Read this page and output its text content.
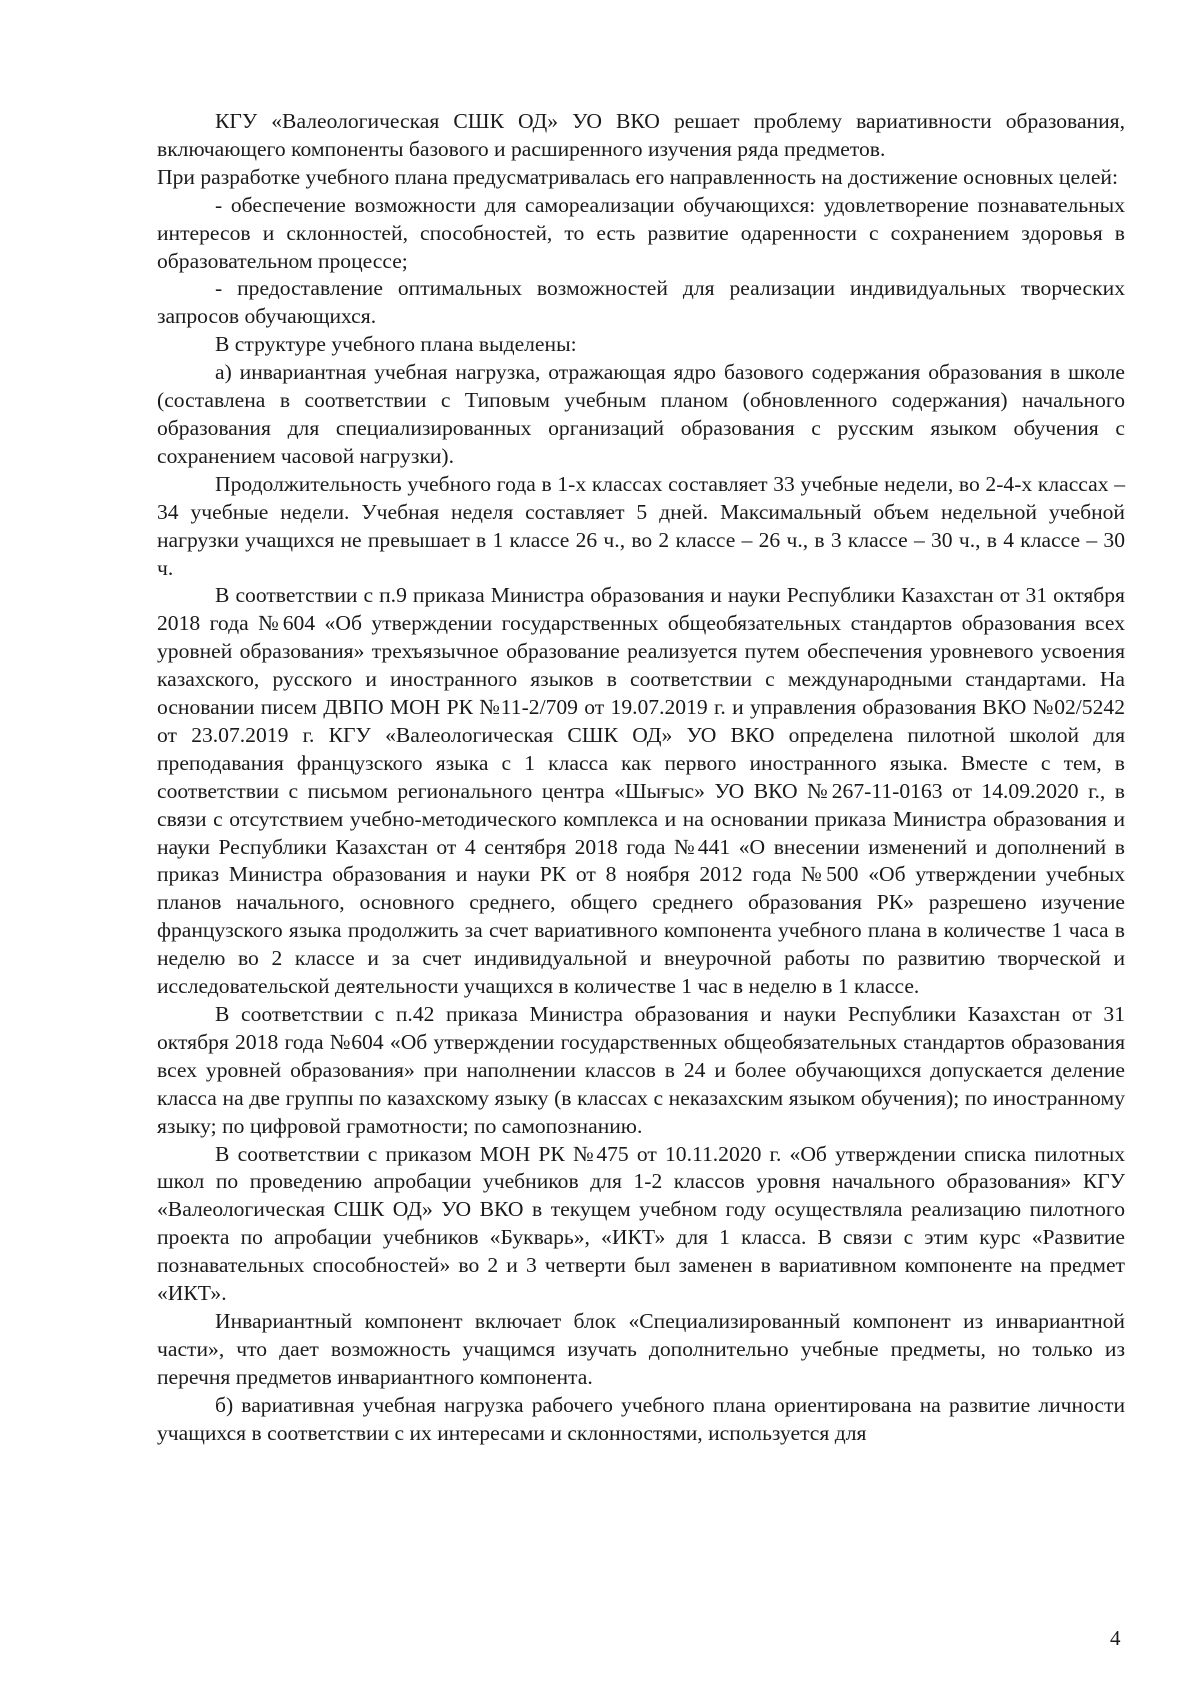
КГУ «Валеологическая СШК ОД» УО ВКО решает проблему вариативности образования, включающего компоненты базового и расширенного изучения ряда предметов.

При разработке учебного плана предусматривалась его направленность на достижение основных целей:

- обеспечение возможности для самореализации обучающихся: удовлетворение познавательных интересов и склонностей, способностей, то есть развитие одаренности с сохранением здоровья в образовательном процессе;

- предоставление оптимальных возможностей для реализации индивидуальных творческих запросов обучающихся.

В структуре учебного плана выделены:

а) инвариантная учебная нагрузка, отражающая ядро базового содержания образования в школе (составлена в соответствии с Типовым учебным планом (обновленного содержания) начального образования для специализированных организаций образования с русским языком обучения с сохранением часовой нагрузки).

Продолжительность учебного года в 1-х классах составляет 33 учебные недели, во 2-4-х классах – 34 учебные недели. Учебная неделя составляет 5 дней. Максимальный объем недельной учебной нагрузки учащихся не превышает в 1 классе 26 ч., во 2 классе – 26 ч., в 3 классе – 30 ч., в 4 классе – 30 ч.

В соответствии с п.9 приказа Министра образования и науки Республики Казахстан от 31 октября 2018 года №604 «Об утверждении государственных общеобязательных стандартов образования всех уровней образования» трехъязычное образование реализуется путем обеспечения уровневого усвоения казахского, русского и иностранного языков в соответствии с международными стандартами. На основании писем ДВПО МОН РК №11-2/709 от 19.07.2019 г. и управления образования ВКО №02/5242 от 23.07.2019 г. КГУ «Валеологическая СШК ОД» УО ВКО определена пилотной школой для преподавания французского языка с 1 класса как первого иностранного языка. Вместе с тем, в соответствии с письмом регионального центра «Шығыс» УО ВКО №267-11-0163 от 14.09.2020 г., в связи с отсутствием учебно-методического комплекса и на основании приказа Министра образования и науки Республики Казахстан от 4 сентября 2018 года №441 «О внесении изменений и дополнений в приказ Министра образования и науки РК от 8 ноября 2012 года №500 «Об утверждении учебных планов начального, основного среднего, общего среднего образования РК» разрешено изучение французского языка продолжить за счет вариативного компонента учебного плана в количестве 1 часа в неделю во 2 классе и за счет индивидуальной и внеурочной работы по развитию творческой и исследовательской деятельности учащихся в количестве 1 час в неделю в 1 классе.

В соответствии с п.42 приказа Министра образования и науки Республики Казахстан от 31 октября 2018 года №604 «Об утверждении государственных общеобязательных стандартов образования всех уровней образования» при наполнении классов в 24 и более обучающихся допускается деление класса на две группы по казахскому языку (в классах с неказахским языком обучения); по иностранному языку; по цифровой грамотности; по самопознанию.

В соответствии с приказом МОН РК №475 от 10.11.2020 г. «Об утверждении списка пилотных школ по проведению апробации учебников для 1-2 классов уровня начального образования» КГУ «Валеологическая СШК ОД» УО ВКО в текущем учебном году осуществляла реализацию пилотного проекта по апробации учебников «Букварь», «ИКТ» для 1 класса. В связи с этим курс «Развитие познавательных способностей» во 2 и 3 четверти был заменен в вариативном компоненте на предмет «ИКТ».

Инвариантный компонент включает блок «Специализированный компонент из инвариантной части», что дает возможность учащимся изучать дополнительно учебные предметы, но только из перечня предметов инвариантного компонента.

б) вариативная учебная нагрузка рабочего учебного плана ориентирована на развитие личности учащихся в соответствии с их интересами и склонностями, используется для

4
